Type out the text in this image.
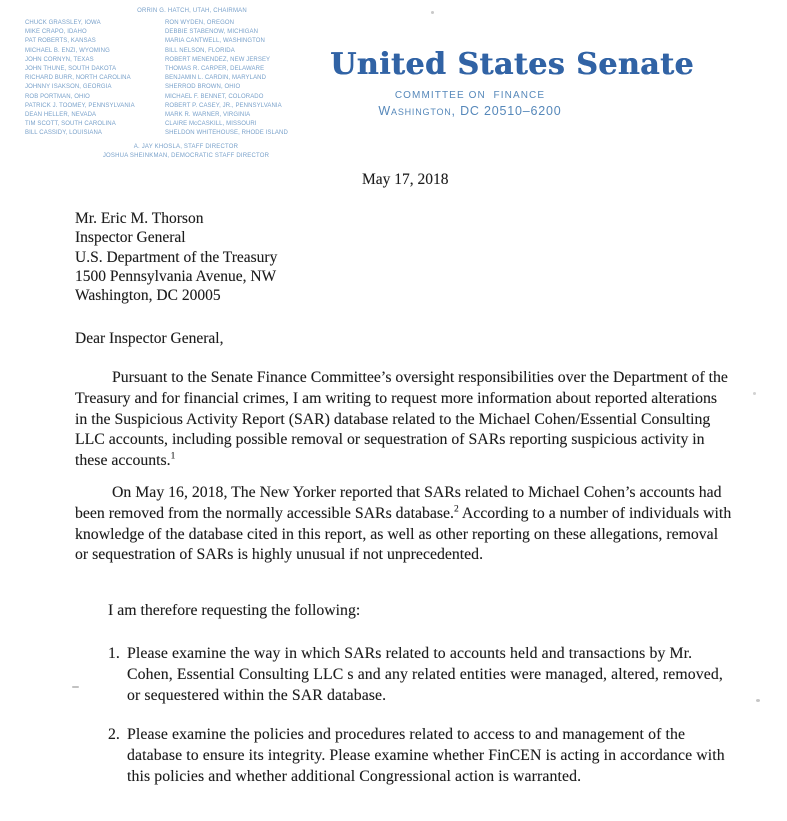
ORRIN G. HATCH, UTAH, CHAIRMAN
CHUCK GRASSLEY, IOWA
MIKE CRAPO, IDAHO
PAT ROBERTS, KANSAS
MICHAEL B. ENZI, WYOMING
JOHN CORNYN, TEXAS
JOHN THUNE, SOUTH DAKOTA
RICHARD BURR, NORTH CAROLINA
JOHNNY ISAKSON, GEORGIA
ROB PORTMAN, OHIO
PATRICK J. TOOMEY, PENNSYLVANIA
DEAN HELLER, NEVADA
TIM SCOTT, SOUTH CAROLINA
BILL CASSIDY, LOUISIANA
RON WYDEN, OREGON
DEBBIE STABENOW, MICHIGAN
MARIA CANTWELL, WASHINGTON
BILL NELSON, FLORIDA
ROBERT MENENDEZ, NEW JERSEY
THOMAS R. CARPER, DELAWARE
BENJAMIN L. CARDIN, MARYLAND
SHERROD BROWN, OHIO
MICHAEL F. BENNET, COLORADO
ROBERT P. CASEY, JR., PENNSYLVANIA
MARK R. WARNER, VIRGINIA
CLAIRE McCASKILL, MISSOURI
SHELDON WHITEHOUSE, RHODE ISLAND
A. JAY KHOSLA, STAFF DIRECTOR
JOSHUA SHEINKMAN, DEMOCRATIC STAFF DIRECTOR
United States Senate
COMMITTEE ON  FINANCE
Washington, DC 20510–6200
May 17, 2018
Mr. Eric M. Thorson
Inspector General
U.S. Department of the Treasury
1500 Pennsylvania Avenue, NW
Washington, DC 20005
Dear Inspector General,
Pursuant to the Senate Finance Committee’s oversight responsibilities over the Department of the Treasury and for financial crimes, I am writing to request more information about reported alterations in the Suspicious Activity Report (SAR) database related to the Michael Cohen/Essential Consulting LLC accounts, including possible removal or sequestration of SARs reporting suspicious activity in these accounts.$^1$
On May 16, 2018, The New Yorker reported that SARs related to Michael Cohen’s accounts had been removed from the normally accessible SARs database.$^2$ According to a number of individuals with knowledge of the database cited in this report, as well as other reporting on these allegations, removal or sequestration of SARs is highly unusual if not unprecedented.
I am therefore requesting the following:
1. Please examine the way in which SARs related to accounts held and transactions by Mr. Cohen, Essential Consulting LLC s and any related entities were managed, altered, removed, or sequestered within the SAR database.
2. Please examine the policies and procedures related to access to and management of the database to ensure its integrity. Please examine whether FinCEN is acting in accordance with this policies and whether additional Congressional action is warranted.
